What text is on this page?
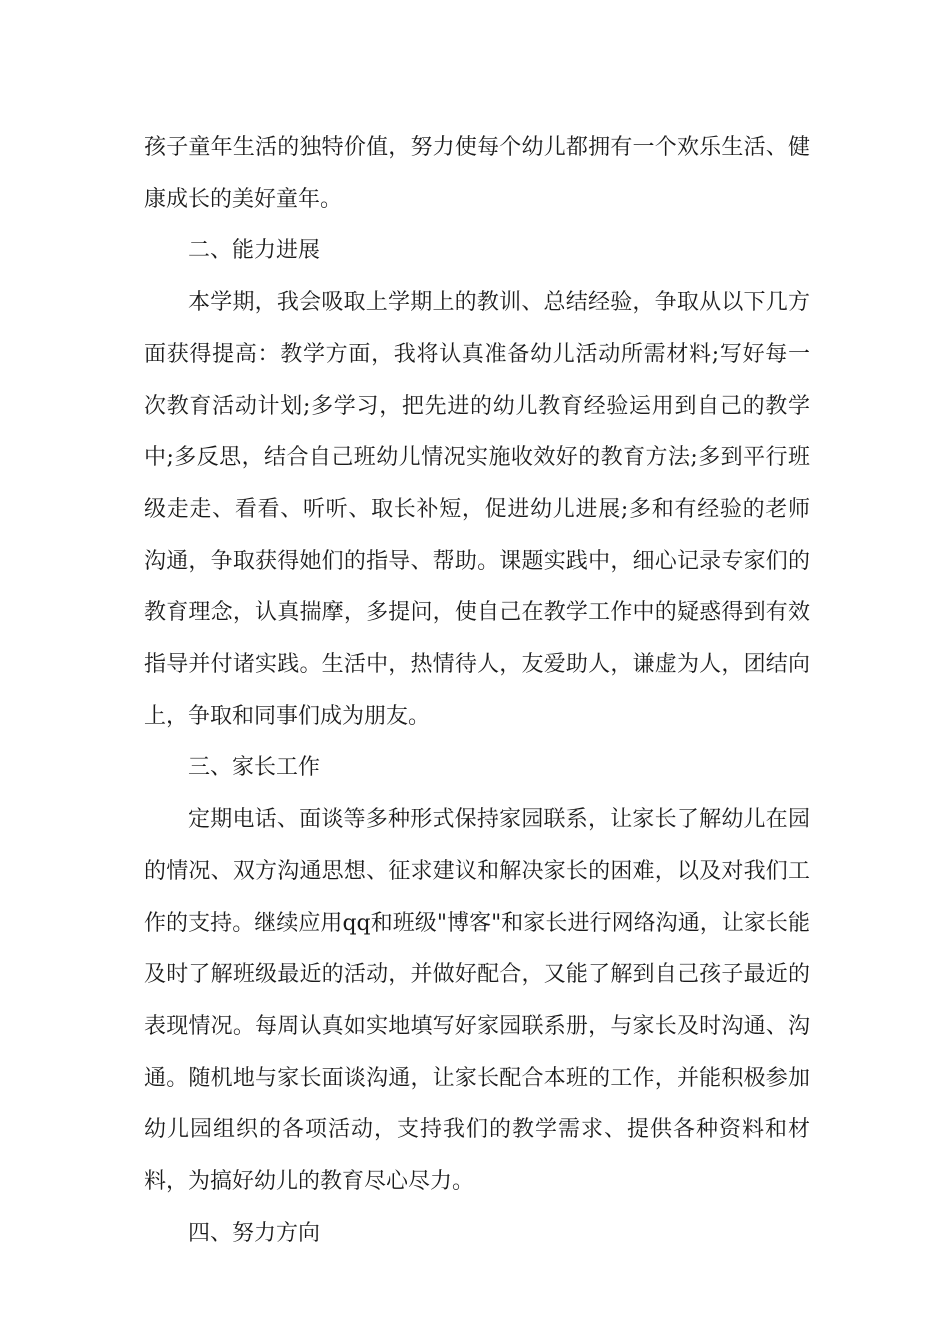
孩子童年生活的独特价值，努力使每个幼儿都拥有一个欢乐生活、健康成长的美好童年。

二、能力进展

本学期，我会吸取上学期上的教训、总结经验，争取从以下几方面获得提高：教学方面，我将认真准备幼儿活动所需材料;写好每一次教育活动计划;多学习，把先进的幼儿教育经验运用到自己的教学中;多反思，结合自己班幼儿情况实施收效好的教育方法;多到平行班级走走、看看、听听、取长补短，促进幼儿进展;多和有经验的老师沟通，争取获得她们的指导、帮助。课题实践中，细心记录专家们的教育理念，认真揣摩，多提问，使自己在教学工作中的疑惑得到有效指导并付诸实践。生活中，热情待人，友爱助人，谦虚为人，团结向上，争取和同事们成为朋友。

三、家长工作

定期电话、面谈等多种形式保持家园联系，让家长了解幼儿在园的情况、双方沟通思想、征求建议和解决家长的困难，以及对我们工作的支持。继续应用qq和班级"博客"和家长进行网络沟通，让家长能及时了解班级最近的活动，并做好配合，又能了解到自己孩子最近的表现情况。每周认真如实地填写好家园联系册，与家长及时沟通、沟通。随机地与家长面谈沟通，让家长配合本班的工作，并能积极参加幼儿园组织的各项活动，支持我们的教学需求、提供各种资料和材料，为搞好幼儿的教育尽心尽力。

四、努力方向
